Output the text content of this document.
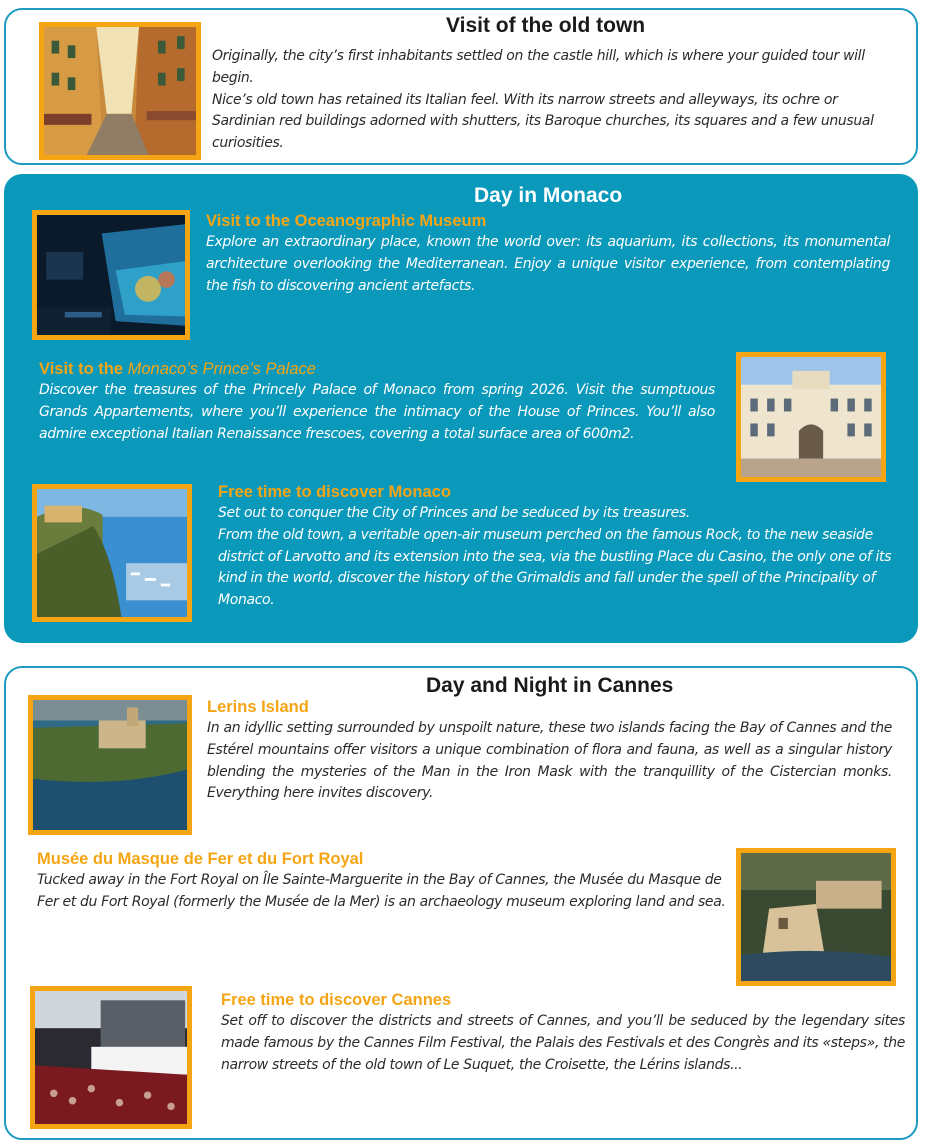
Visit of the old town
Originally, the city’s first inhabitants settled on the castle hill, which is where your guided tour will begin.
Nice’s old town has retained its Italian feel. With its narrow streets and alleyways, its ochre or Sardinian red buildings adorned with shutters, its Baroque churches, its squares and a few unusual curiosities.
Day in Monaco
Visit to the Oceanographic Museum
Explore an extraordinary place, known the world over: its aquarium, its collections, its monumental architecture overlooking the Mediterranean. Enjoy a unique visitor experience, from contemplating the fish to discovering ancient artefacts.
Visit to the Monaco’s Prince’s Palace
Discover the treasures of the Princely Palace of Monaco from spring 2026. Visit the sumptuous Grands Appartements, where you’ll experience the intimacy of the House of Princes. You’ll also admire exceptional Italian Renaissance frescoes, covering a total surface area of 600m2.
Free time to discover Monaco
Set out to conquer the City of Princes and be seduced by its treasures.
From the old town, a veritable open-air museum perched on the famous Rock, to the new seaside district of Larvotto and its extension into the sea, via the bustling Place du Casino, the only one of its kind in the world, discover the history of the Grimaldis and fall under the spell of the Principality of Monaco.
Day and Night in Cannes
Lerins Island
In an idyllic setting surrounded by unspoilt nature, these two islands facing the Bay of Cannes and the Estérel mountains offer visitors a unique combination of flora and fauna, as well as a singular history blending the mysteries of the Man in the Iron Mask with the tranquillity of the Cistercian monks. Everything here invites discovery.
Musée du Masque de Fer et du Fort Royal
Tucked away in the Fort Royal on Île Sainte-Marguerite in the Bay of Cannes, the Musée du Masque de Fer et du Fort Royal (formerly the Musée de la Mer) is an archaeology museum exploring land and sea.
Free time to discover Cannes
Set off to discover the districts and streets of Cannes, and you’ll be seduced by the legendary sites made famous by the Cannes Film Festival, the Palais des Festivals et des Congrès and its «steps», the narrow streets of the old town of Le Suquet, the Croisette, the Lérins islands...
